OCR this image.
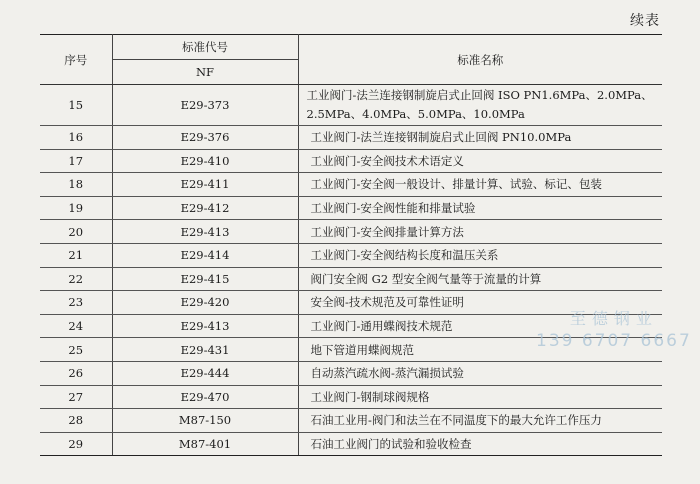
续表
序号	标准代号	标准名称
	NF	
15	E29-373	工业阀门-法兰连接钢制旋启式止回阀 ISO PN1.6MPa、2.0MPa、2.5MPa、4.0MPa、5.0MPa、10.0MPa
16	E29-376	工业阀门-法兰连接钢制旋启式止回阀 PN10.0MPa
17	E29-410	工业阀门-安全阀技术术语定义
18	E29-411	工业阀门-安全阀一般设计、排量计算、试验、标记、包装
19	E29-412	工业阀门-安全阀性能和排量试验
20	E29-413	工业阀门-安全阀排量计算方法
21	E29-414	工业阀门-安全阀结构长度和温压关系
22	E29-415	阀门安全阀 G2 型安全阀气量等于流量的计算
23	E29-420	安全阀-技术规范及可靠性证明
24	E29-413	工业阀门-通用蝶阀技术规范
25	E29-431	地下管道用蝶阀规范
26	E29-444	自动蒸汽疏水阀-蒸汽漏损试验
27	E29-470	工业阀门-钢制球阀规格
28	M87-150	石油工业用-阀门和法兰在不同温度下的最大允许工作压力
29	M87-401	石油工业阀门的试验和验收检查
至德钢业
139 6707 6667
